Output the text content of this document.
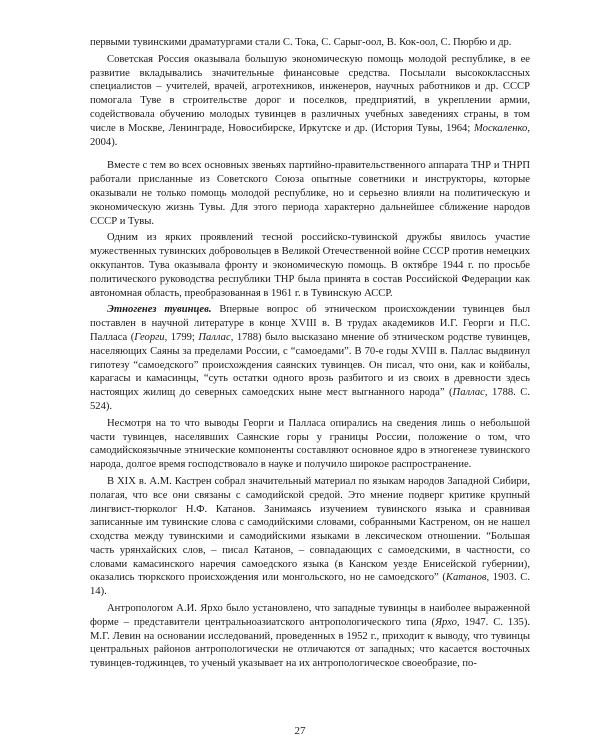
первыми тувинскими драматургами стали С. Тока, С. Сарыг-оол, В. Кок-оол, С. Пюрбю и др.

Советская Россия оказывала большую экономическую помощь молодой республике, в ее развитие вкладывались значительные финансовые средства. Посылали высококлассных специалистов – учителей, врачей, агротехников, инженеров, научных работников и др. СССР помогала Туве в строительстве дорог и поселков, предприятий, в укреплении армии, содействовала обучению молодых тувинцев в различных учебных заведениях страны, в том числе в Москве, Ленинграде, Новосибирске, Иркутске и др. (История Тувы, 1964; Москаленко, 2004).

Вместе с тем во всех основных звеньях партийно-правительственного аппарата ТНР и ТНРП работали присланные из Советского Союза опытные советники и инструкторы, которые оказывали не только помощь молодой республике, но и серьезно влияли на политическую и экономическую жизнь Тувы. Для этого периода характерно дальнейшее сближение народов СССР и Тувы.

Одним из ярких проявлений тесной российско-тувинской дружбы явилось участие мужественных тувинских добровольцев в Великой Отечественной войне СССР против немецких оккупантов. Тува оказывала фронту и экономическую помощь. В октябре 1944 г. по просьбе политического руководства республики ТНР была принята в состав Российской Федерации как автономная область, преобразованная в 1961 г. в Тувинскую АССР.

Этногенез тувинцев. Впервые вопрос об этническом происхождении тувинцев был поставлен в научной литературе в конце XVIII в. В трудах академиков И.Г. Георги и П.С. Палласа (Георги, 1799; Паллас, 1788) было высказано мнение об этническом родстве тувинцев, населяющих Саяны за пределами России, с “самоедами”. В 70-е годы XVIII в. Паллас выдвинул гипотезу “самоедского” происхождения саянских тувинцев. Он писал, что они, как и койбалы, карагасы и камасинцы, “суть остатки одного врозь разбитого и из своих в древности здесь настоящих жилищ до северных самоедских ныне мест выгнанного народа” (Паллас, 1788. С. 524).

Несмотря на то что выводы Георги и Палласа опирались на сведения лишь о небольшой части тувинцев, населявших Саянские горы у границы России, положение о том, что самодийскоязычные этнические компоненты составляют основное ядро в этногенезе тувинского народа, долгое время господствовало в науке и получило широкое распространение.

В XIX в. А.М. Кастрен собрал значительный материал по языкам народов Западной Сибири, полагая, что все они связаны с самодийской средой. Это мнение подверг критике крупный лингвист-тюрколог Н.Ф. Катанов. Занимаясь изучением тувинского языка и сравнивая записанные им тувинские слова с самодийскими словами, собранными Кастреном, он не нашел сходства между тувинскими и самодийскими языками в лексическом отношении. “Большая часть урянхайских слов, – писал Катанов, – совпадающих с самоедскими, в частности, со словами камасинского наречия самоедского языка (в Канском уезде Енисейской губернии), оказались тюркского происхождения или монгольского, но не самоедского” (Катанов, 1903. С. 14).

Антропологом А.И. Ярхо было установлено, что западные тувинцы в наиболее выраженной форме – представители центральноазиатского антропологического типа (Ярхо, 1947. С. 135). М.Г. Левин на основании исследований, проведенных в 1952 г., приходит к выводу, что тувинцы центральных районов антропологически не отличаются от западных; что касается восточных тувинцев-тоджинцев, то ученый указывает на их антропологическое своеобразие, по-

27
